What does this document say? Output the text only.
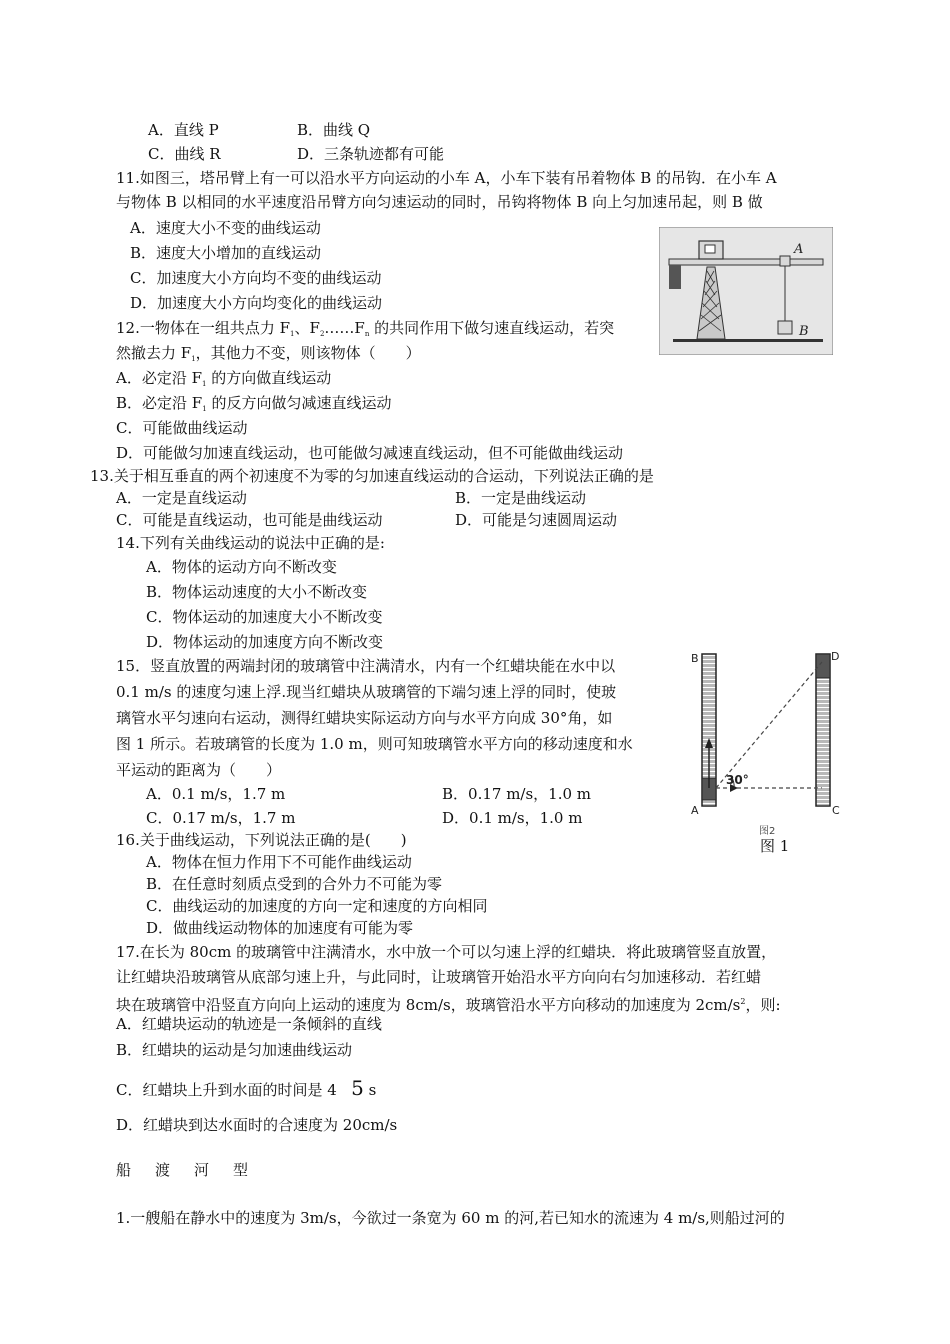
A．直线 P	B．曲线 Q
C．曲线 R	D．三条轨迹都有可能
11.如图三，塔吊臂上有一可以沿水平方向运动的小车 A，小车下装有吊着物体 B 的吊钩．在小车 A
与物体 B 以相同的水平速度沿吊臂方向匀速运动的同时，吊钩将物体 B 向上匀加速吊起，则 B 做
A．速度大小不变的曲线运动
B．速度大小增加的直线运动
C．加速度大小方向均不变的曲线运动
D．加速度大小方向均变化的曲线运动
A
B
12.一物体在一组共点力 $F_1$、$F_2\dots\dots F_n$ 的共同作用下做匀速直线运动，若突
然撤去力 $F_1$，其他力不变，则该物体（　　）
A．必定沿 $F_1$ 的方向做直线运动
B．必定沿 $F_1$ 的反方向做匀减速直线运动
C．可能做曲线运动
D．可能做匀加速直线运动，也可能做匀减速直线运动，但不可能做曲线运动
13.关于相互垂直的两个初速度不为零的匀加速直线运动的合运动，下列说法正确的是
A．一定是直线运动	B．一定是曲线运动
C．可能是直线运动，也可能是曲线运动	D．可能是匀速圆周运动
14.下列有关曲线运动的说法中正确的是:
A．物体的运动方向不断改变
B．物体运动速度的大小不断改变
C．物体运动的加速度大小不断改变
D．物体运动的加速度方向不断改变
15．竖直放置的两端封闭的玻璃管中注满清水，内有一个红蜡块能在水中以
0.1 m/s 的速度匀速上浮.现当红蜡块从玻璃管的下端匀速上浮的同时，使玻
璃管水平匀速向右运动，测得红蜡块实际运动方向与水平方向成 30°角，如
图 1 所示。若玻璃管的长度为 1.0 m，则可知玻璃管水平方向的移动速度和水
平运动的距离为（　　）
A．0.1 m/s，1.7 m	B．0.17 m/s，1.0 m
C．0.17 m/s，1.7 m	D．0.1 m/s，1.0 m
B	D
A	C
30°
图2
图 1
16.关于曲线运动，下列说法正确的是(　　)
A．物体在恒力作用下不可能作曲线运动
B．在任意时刻质点受到的合外力不可能为零
C．曲线运动的加速度的方向一定和速度的方向相同
D．做曲线运动物体的加速度有可能为零
17.在长为 80cm 的玻璃管中注满清水，水中放一个可以匀速上浮的红蜡块．将此玻璃管竖直放置，
让红蜡块沿玻璃管从底部匀速上升，与此同时，让玻璃管开始沿水平方向向右匀加速移动．若红蜡
块在玻璃管中沿竖直方向向上运动的速度为 8cm/s，玻璃管沿水平方向移动的加速度为 $2cm/s^2$，则:
A．红蜡块运动的轨迹是一条倾斜的直线
B．红蜡块的运动是匀加速曲线运动
C．红蜡块上升到水面的时间是 4 5 s
D．红蜡块到达水面时的合速度为 20cm/s
船 渡 河 型
1.一艘船在静水中的速度为 3m/s，今欲过一条宽为 60 m 的河,若已知水的流速为 4 m/s,则船过河的
